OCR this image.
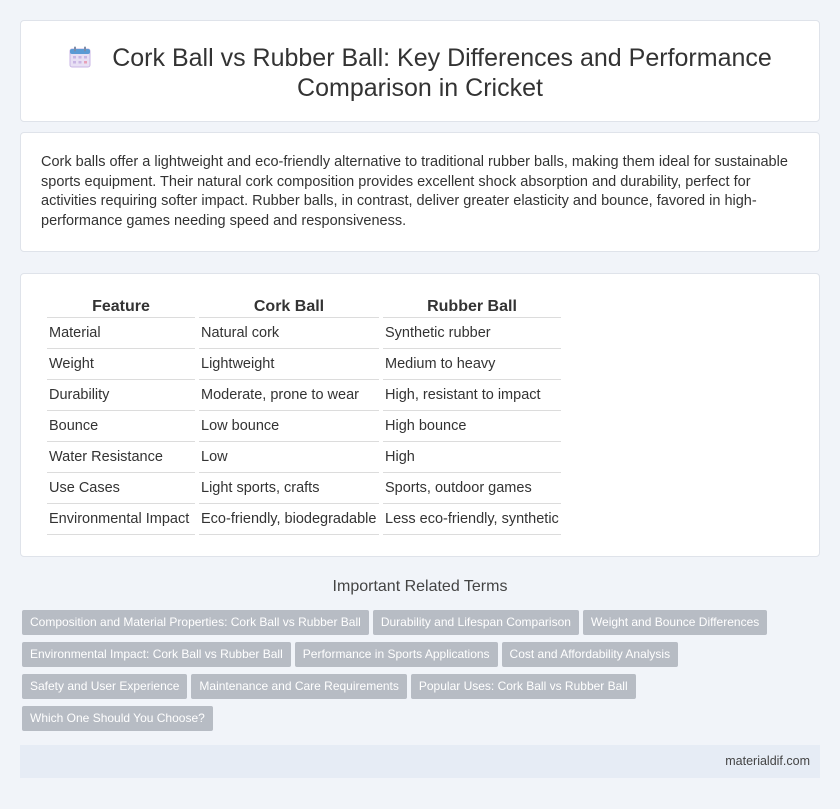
Cork Ball vs Rubber Ball: Key Differences and Performance
Comparison in Cricket

Cork balls offer a lightweight and eco-friendly alternative to traditional rubber balls, making them ideal for sustainable sports equipment. Their natural cork composition provides excellent shock absorption and durability, perfect for activities requiring softer impact. Rubber balls, in contrast, deliver greater elasticity and bounce, favored in high-performance games needing speed and responsiveness.

Feature	Cork Ball	Rubber Ball
Material	Natural cork	Synthetic rubber
Weight	Lightweight	Medium to heavy
Durability	Moderate, prone to wear	High, resistant to impact
Bounce	Low bounce	High bounce
Water Resistance	Low	High
Use Cases	Light sports, crafts	Sports, outdoor games
Environmental Impact	Eco-friendly, biodegradable	Less eco-friendly, synthetic
Important Related Terms
Composition and Material Properties: Cork Ball vs Rubber Ball Durability and Lifespan Comparison Weight and Bounce Differences
Environmental Impact: Cork Ball vs Rubber Ball Performance in Sports Applications Cost and Affordability Analysis
Safety and User Experience Maintenance and Care Requirements Popular Uses: Cork Ball vs Rubber Ball
Which One Should You Choose?
materialdif.com
